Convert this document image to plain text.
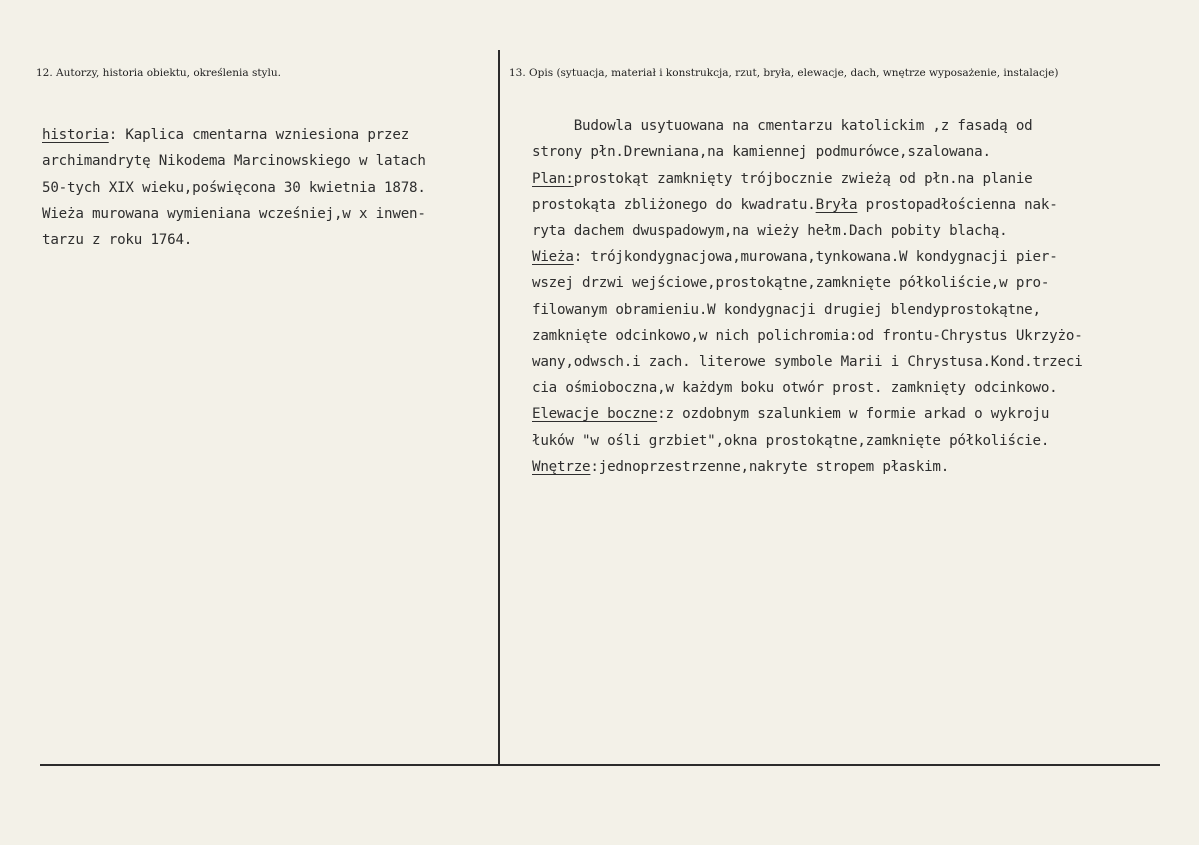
12. Autorzy, historia obiektu, określenia stylu.	13. Opis (sytuacja, materiał i konstrukcja, rzut, bryła, elewacje, dach, wnętrze wyposażenie, instalacje)

historia: Kaplica cmentarna wzniesiona przez
archimandrytę Nikodema Marcinowskiego w latach
50-tych XIX wieku,poświęcona 30 kwietnia 1878.
Wieża murowana wymieniana wcześniej,w x inwen-
tarzu z roku 1764.

Budowla usytuowana na cmentarzu katolickim ,z fasadą od
strony płn.Drewniana,na kamiennej podmurówce,szalowana.
Plan:prostokąt zamknięty trójbocznie zwieżą od płn.na planie
prostokąta zbliżonego do kwadratu.Bryła prostopadłościenna nak-
ryta dachem dwuspadowym,na wieży hełm.Dach pobity blachą.
Wieża: trójkondygnacjowa,murowana,tynkowana.W kondygnacji pier-
wszej drzwi wejściowe,prostokątne,zamknięte półkoliście,w pro-
filowanym obramieniu.W kondygnacji drugiej blendyprostokątne,
zamknięte odcinkowo,w nich polichromia:od frontu-Chrystus Ukrzyżo-
wany,odwsch.i zach. literowe symbole Marii i Chrystusa.Kond.trzeci
cia ośmioboczna,w każdym boku otwór prost. zamknięty odcinkowo.
Elewacje boczne:z ozdobnym szalunkiem w formie arkad o wykroju
łuków "w ośli grzbiet",okna prostokątne,zamknięte półkoliście.
Wnętrze:jednoprzestrzenne,nakryte stropem płaskim.
